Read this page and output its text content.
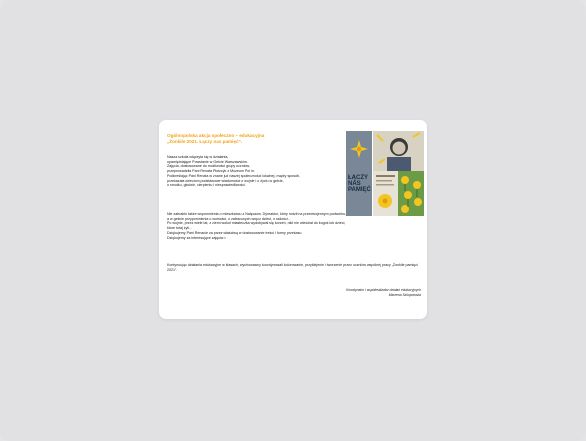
Ogólnopolska akcja społeczno – edukacyjna
„Żonkile 2021. Łączy nas pamięć”.
Nasza szkoła włączyła się w działania,
upamiętniające Powstanie w Getcie Warszawskim.
Zajęcia, dostosowane do możliwości grupy uczniów,
przeprowadziła Pani Renata Płotczyk z Muzeum Pol in.
Podkreślając Pani Renata w znane już naszej społeczności lokalnej, mądry sposób,
przekazała dzieciom podstawowe wiadomości o wojnie i o życiu w getcie,
o smutku, głodzie, cierpieniu i niesprawiedliwości.
Nie zabrakło także wspomnienia o mieszkańcu z Nałęczów. Dyreaktor, który rodził na przedwojennym podwórku,
a w geście przypomnienia o wolności, o zatraconych wręcz dzieci, o radości...
Po wojnie, przez wiele lat, z ziemi wokół miasteczka wydobywał się korzeń, nikt nie wiedział do kogoś lub dzieci,
które tutaj żyli...
Dziękujemy Pani Renacie za przez właściwą w dostosowanie treści i formy przekazu.
Dziękujemy za interesujące zajęcia☺
Kontynuując działania edukacyjne w klasach, wychowawcy koordynowali kolorowanie, przyklejenie i tworzenie przez uczniów wspólnej pracy „Żonkile pamięci 2021”.
Koordynator i współrealizator działań edukacyjnych
Marzena Szkopowska
ŁĄCZY NAS PAMIĘĆ
